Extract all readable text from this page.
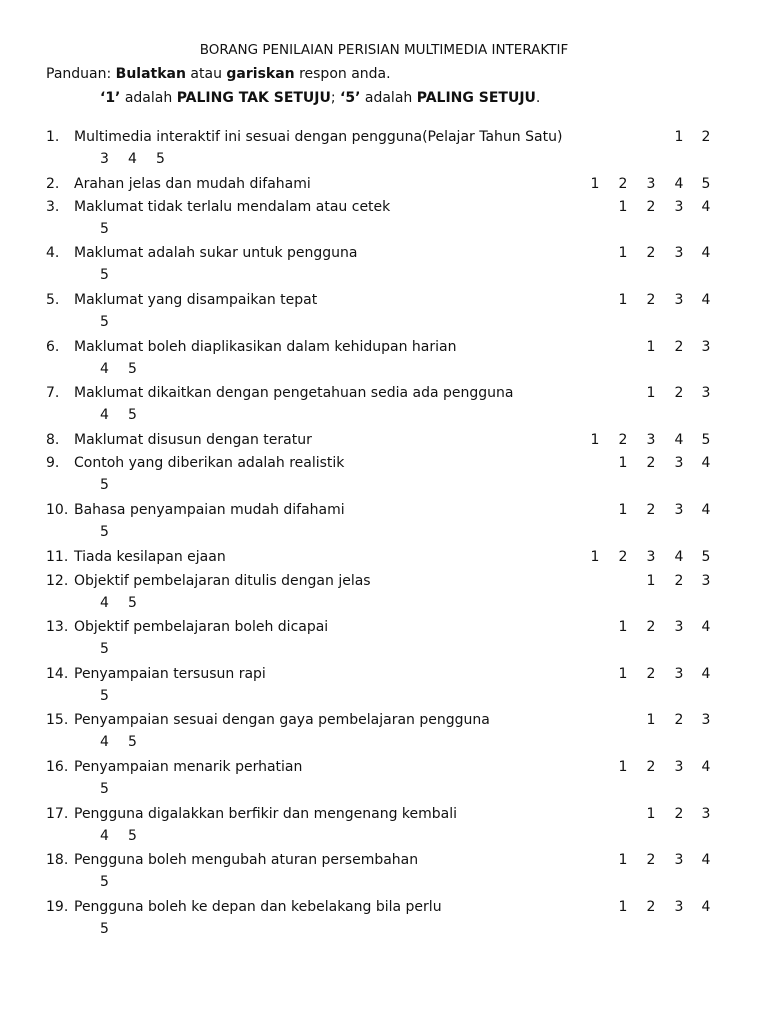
BORANG PENILAIAN PERISIAN MULTIMEDIA INTERAKTIF
Panduan: Bulatkan atau gariskan respon anda.
‘1’ adalah PALING TAK SETUJU; ‘5’ adalah PALING SETUJU.
1. Multimedia interaktif ini sesuai dengan pengguna(Pelajar Tahun Satu)	1 2
3 4 5
2. Arahan jelas dan mudah difahami	1 2 3 4 5
3. Maklumat tidak terlalu mendalam atau cetek	1 2 3 4
5
4. Maklumat adalah sukar untuk pengguna	1 2 3 4
5
5. Maklumat yang disampaikan tepat	1 2 3 4
5
6. Maklumat boleh diaplikasikan dalam kehidupan harian	1 2 3
4 5
7. Maklumat dikaitkan dengan pengetahuan sedia ada pengguna	1 2 3
4 5
8. Maklumat disusun dengan teratur	1 2 3 4 5
9. Contoh yang diberikan adalah realistik	1 2 3 4
5
10. Bahasa penyampaian mudah difahami	1 2 3 4
5
11. Tiada kesilapan ejaan	1 2 3 4 5
12. Objektif pembelajaran ditulis dengan jelas	1 2 3
4 5
13. Objektif pembelajaran boleh dicapai	1 2 3 4
5
14. Penyampaian tersusun rapi	1 2 3 4
5
15. Penyampaian sesuai dengan gaya pembelajaran pengguna	1 2 3
4 5
16. Penyampaian menarik perhatian	1 2 3 4
5
17. Pengguna digalakkan berfikir dan mengenang kembali	1 2 3
4 5
18. Pengguna boleh mengubah aturan persembahan	1 2 3 4
5
19. Pengguna boleh ke depan dan kebelakang bila perlu	1 2 3 4
5
